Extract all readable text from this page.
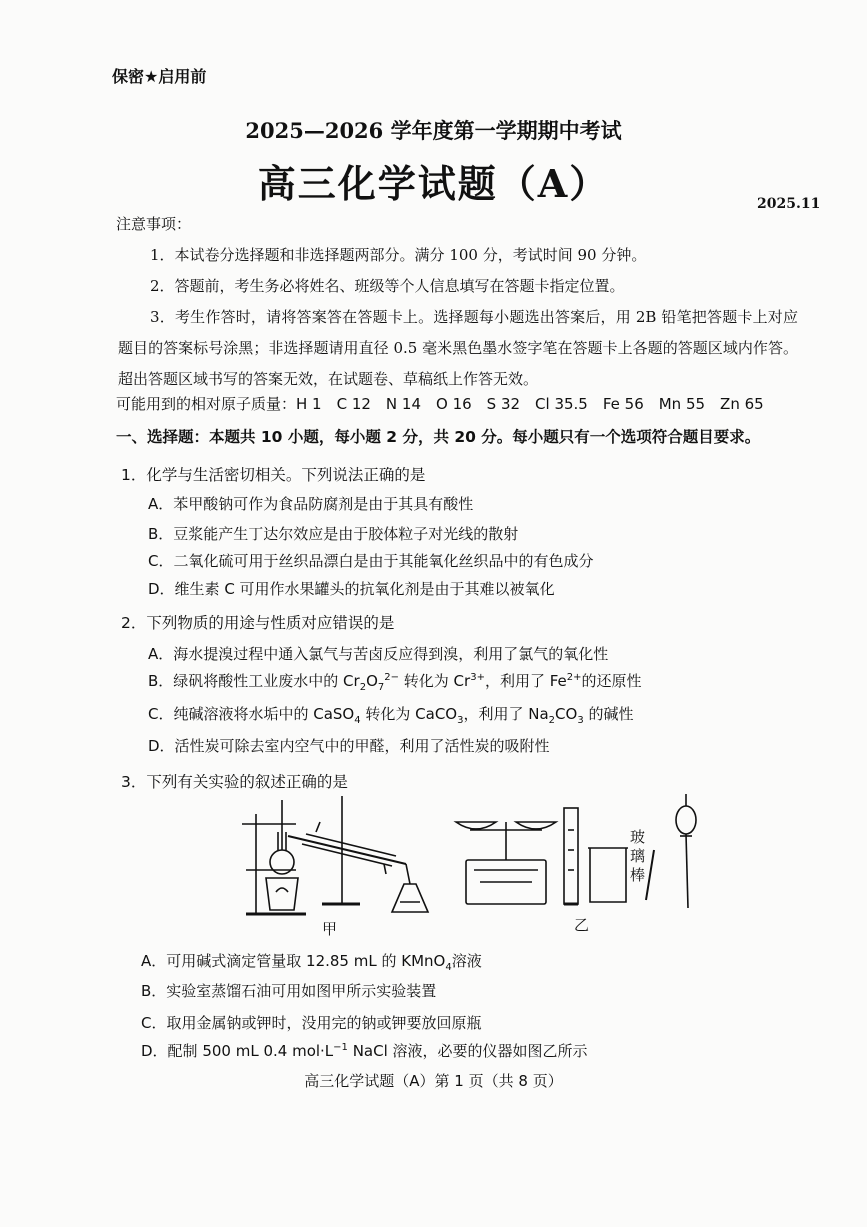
保密★启用前
2025—2026 学年度第一学期期中考试
高三化学试题（A）	2025.11
注意事项：

1．本试卷分选择题和非选择题两部分。满分 100 分，考试时间 90 分钟。

2．答题前，考生务必将姓名、班级等个人信息填写在答题卡指定位置。

3．考生作答时，请将答案答在答题卡上。选择题每小题选出答案后，用 2B 铅笔把答题卡上对应题目的答案标号涂黑；非选择题请用直径 0.5 毫米黑色墨水签字笔在答题卡上各题的答题区域内作答。超出答题区域书写的答案无效，在试题卷、草稿纸上作答无效。

可能用到的相对原子质量：H 1　C 12　N 14　O 16　S 32　Cl 35.5　Fe 56　Mn 55　Zn 65
一、选择题：本题共 10 小题，每小题 2 分，共 20 分。每小题只有一个选项符合题目要求。
1．化学与生活密切相关。下列说法正确的是
A．苯甲酸钠可作为食品防腐剂是由于其具有酸性
B．豆浆能产生丁达尔效应是由于胶体粒子对光线的散射
C．二氧化硫可用于丝织品漂白是由于其能氧化丝织品中的有色成分
D．维生素 C 可用作水果罐头的抗氧化剂是由于其难以被氧化
2．下列物质的用途与性质对应错误的是
A．海水提溴过程中通入氯气与苦卤反应得到溴，利用了氯气的氧化性
B．绿矾将酸性工业废水中的 $Cr_2O_7^{2-}$ 转化为 $Cr^{3+}$，利用了 $Fe^{2+}$的还原性
C．纯碱溶液将水垢中的 CaSO$_4$ 转化为 CaCO$_3$，利用了 $Na_2CO_3$ 的碱性
D．活性炭可除去室内空气中的甲醛，利用了活性炭的吸附性
3．下列有关实验的叙述正确的是
甲
玻璃棒
乙
A．可用碱式滴定管量取 12.85 mL 的 KMnO$_4$溶液
B．实验室蒸馏石油可用如图甲所示实验装置
C．取用金属钠或钾时，没用完的钠或钾要放回原瓶
D．配制 500 mL 0.4 $mol\cdot L^{-1}$ NaCl 溶液，必要的仪器如图乙所示
高三化学试题（A）第 1 页（共 8 页）
